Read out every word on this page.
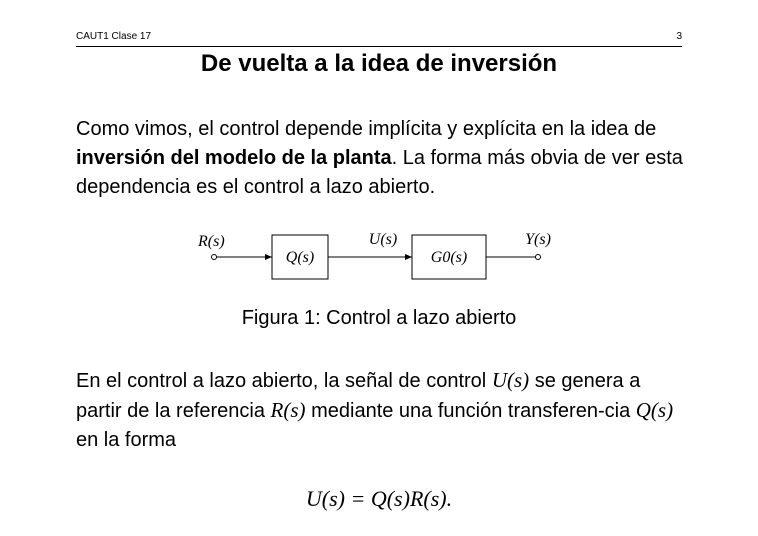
CAUT1 Clase 17	3
De vuelta a la idea de inversión
Como vimos, el control depende implícita y explícita en la idea de inversión del modelo de la planta. La forma más obvia de ver esta dependencia es el control a lazo abierto.
R(s)
Q(s)
U(s)
G0(s)
Y(s)
Figura 1: Control a lazo abierto
En el control a lazo abierto, la señal de control U(s) se genera a partir de la referencia R(s) mediante una función transferen-cia Q(s) en la forma
U(s) = Q(s)R(s).
